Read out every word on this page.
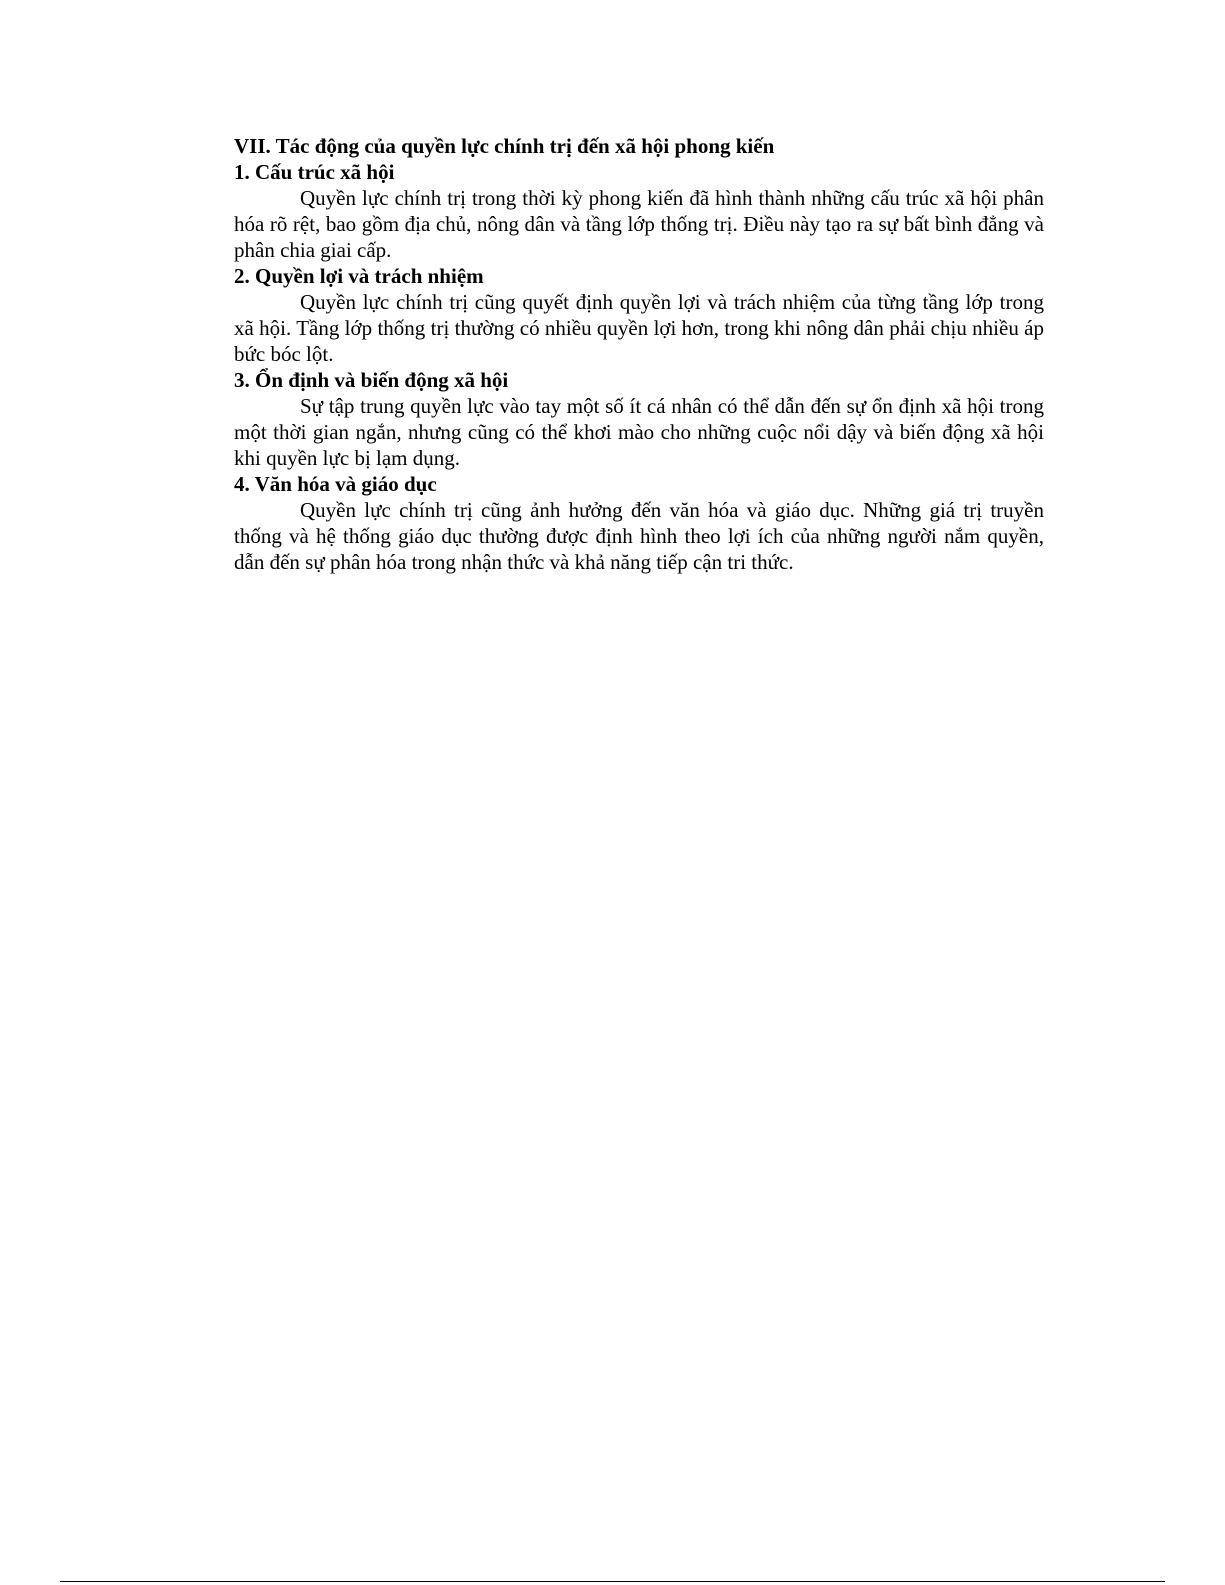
VII. Tác động của quyền lực chính trị đến xã hội phong kiến
1. Cấu trúc xã hội

Quyền lực chính trị trong thời kỳ phong kiến đã hình thành những cấu trúc xã hội phân hóa rõ rệt, bao gồm địa chủ, nông dân và tầng lớp thống trị. Điều này tạo ra sự bất bình đẳng và phân chia giai cấp.

2. Quyền lợi và trách nhiệm

Quyền lực chính trị cũng quyết định quyền lợi và trách nhiệm của từng tầng lớp trong xã hội. Tầng lớp thống trị thường có nhiều quyền lợi hơn, trong khi nông dân phải chịu nhiều áp bức bóc lột.

3. Ổn định và biến động xã hội

Sự tập trung quyền lực vào tay một số ít cá nhân có thể dẫn đến sự ổn định xã hội trong một thời gian ngắn, nhưng cũng có thể khơi mào cho những cuộc nổi dậy và biến động xã hội khi quyền lực bị lạm dụng.

4. Văn hóa và giáo dục

Quyền lực chính trị cũng ảnh hưởng đến văn hóa và giáo dục. Những giá trị truyền thống và hệ thống giáo dục thường được định hình theo lợi ích của những người nắm quyền, dẫn đến sự phân hóa trong nhận thức và khả năng tiếp cận tri thức.
